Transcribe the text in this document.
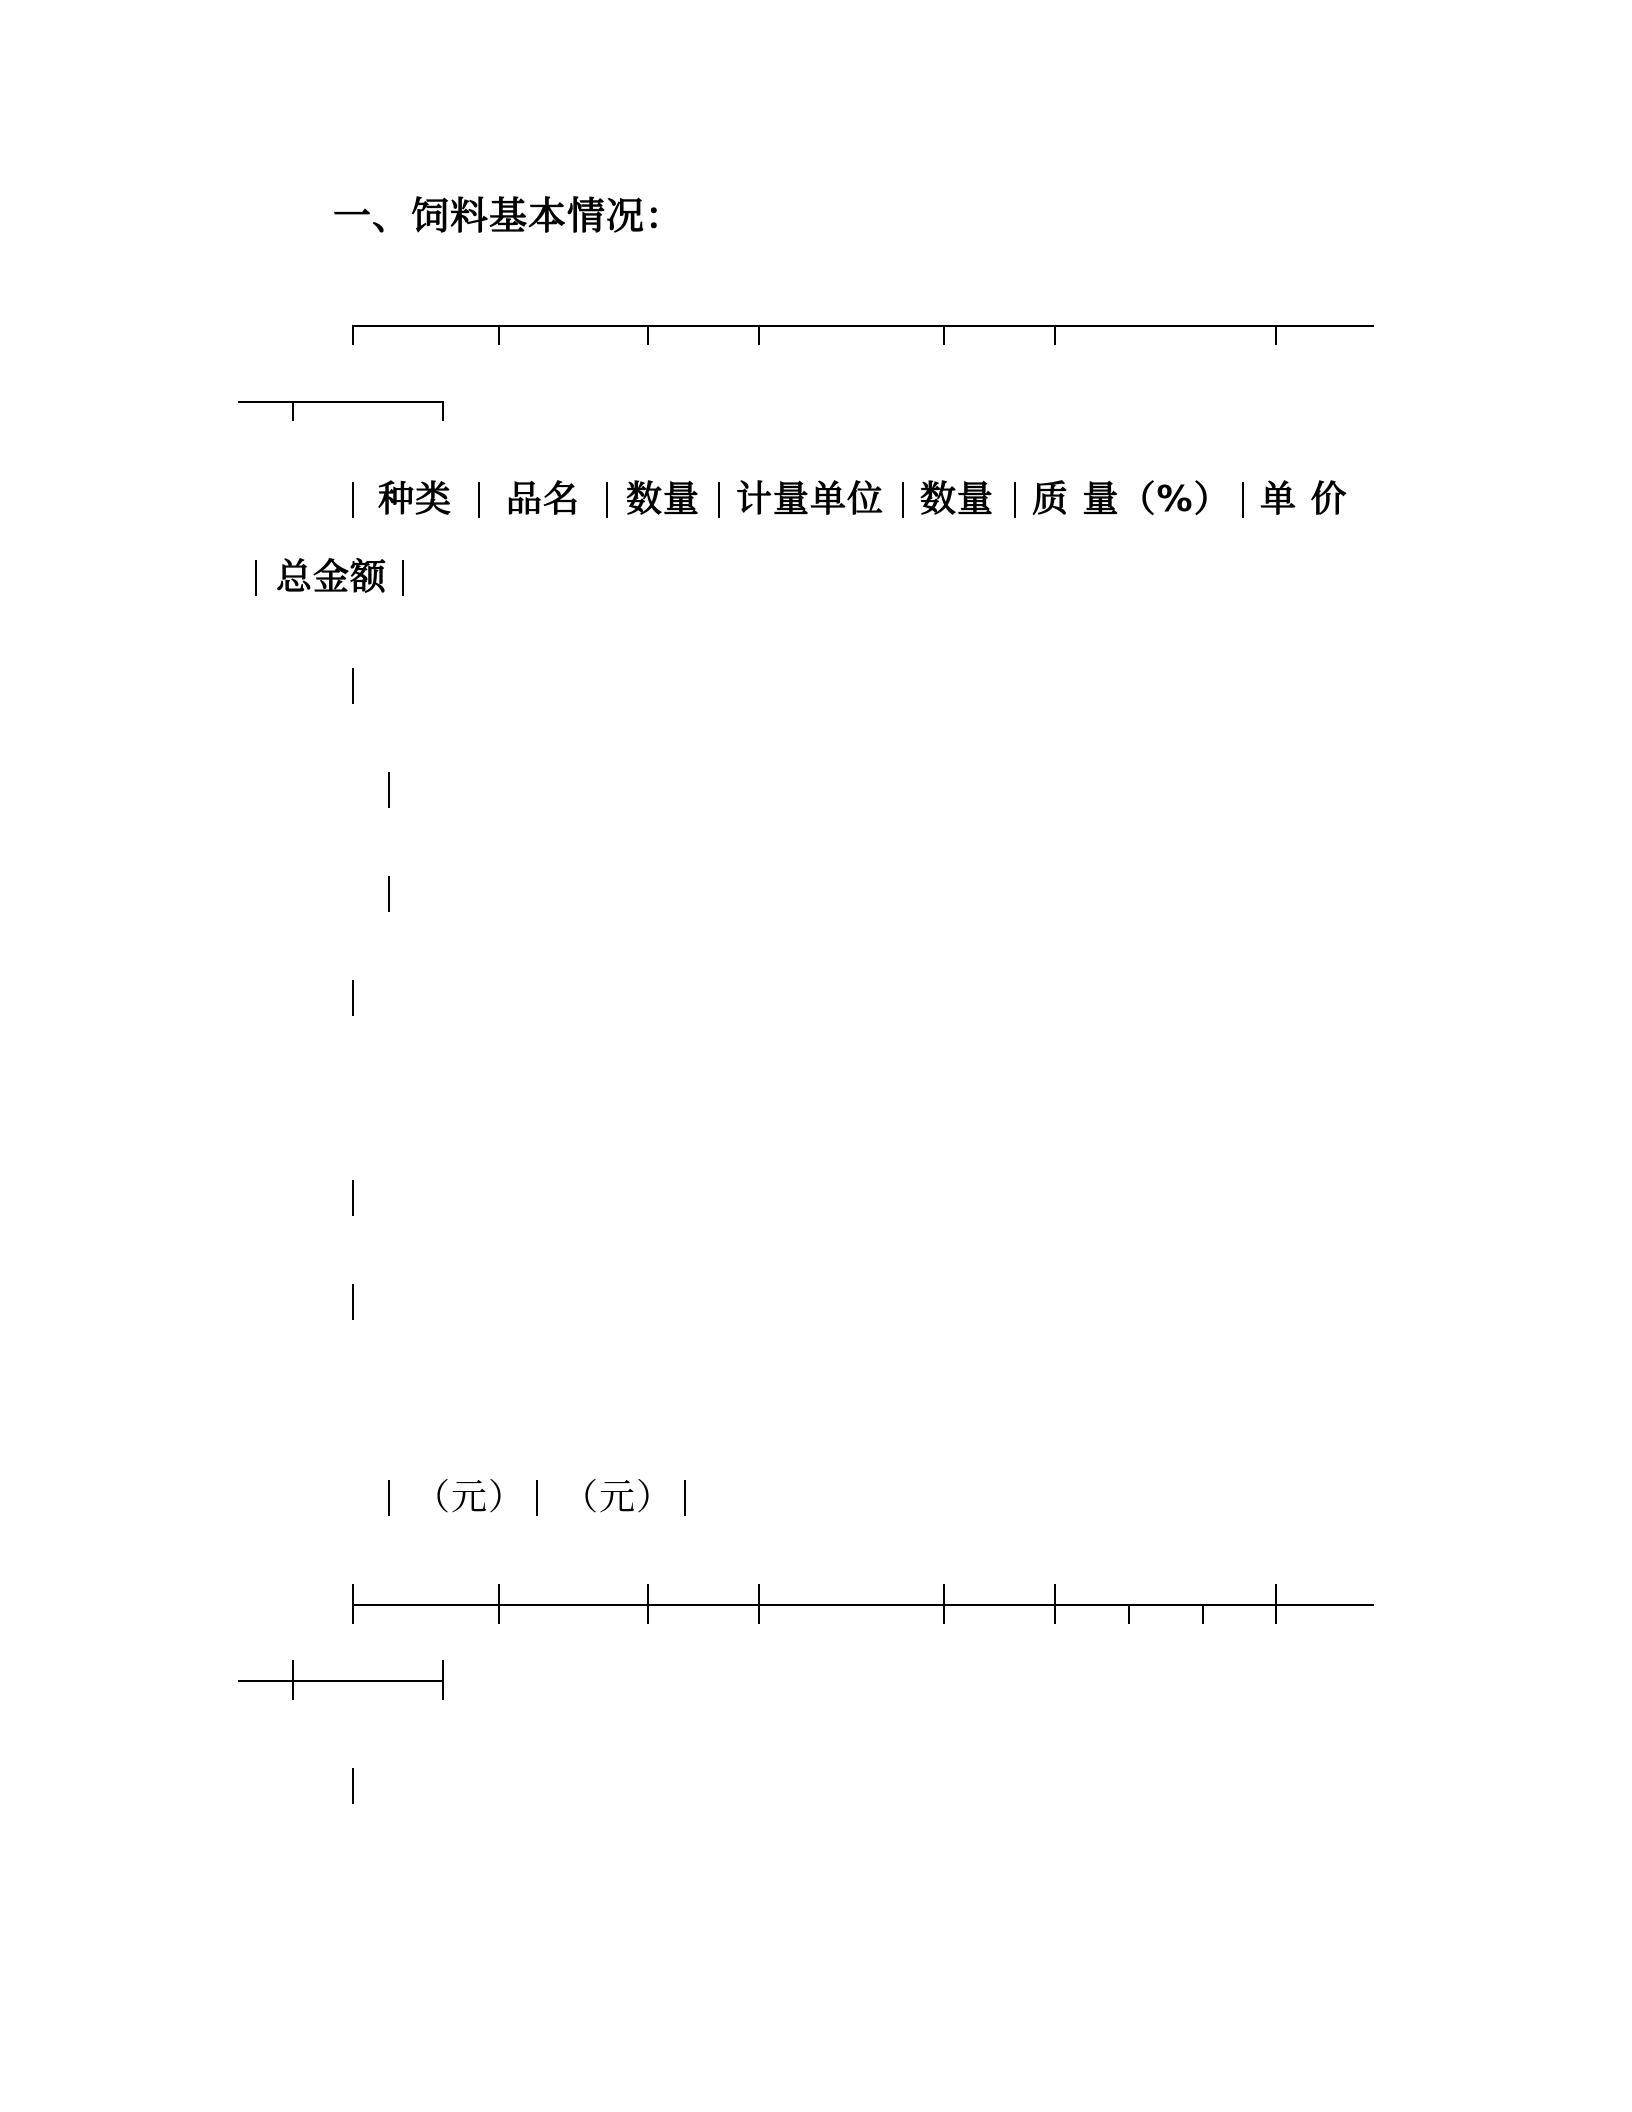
一、饲料基本情况：
种类 品名 数量 计量单位 数量 质 量（%） 单 价
总金额
（元） （元）
